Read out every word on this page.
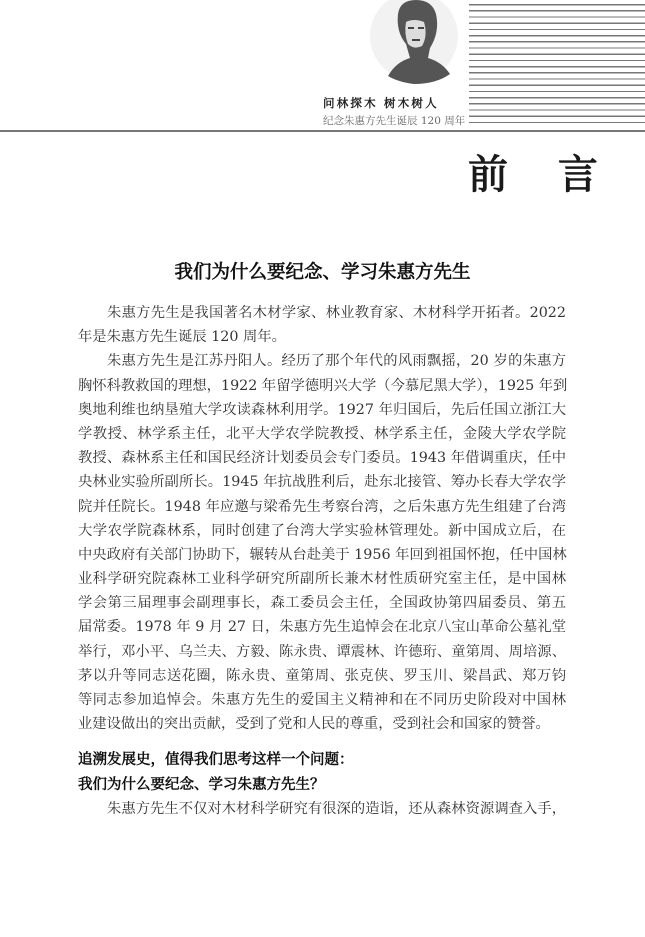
问林探木 树木树人
纪念朱惠方先生诞辰 120 周年
前 言
我们为什么要纪念、学习朱惠方先生
朱惠方先生是我国著名木材学家、林业教育家、木材科学开拓者。2022
年是朱惠方先生诞辰 120 周年。
朱惠方先生是江苏丹阳人。经历了那个年代的风雨飘摇，20 岁的朱惠方
胸怀科教救国的理想，1922 年留学德明兴大学（今慕尼黑大学），1925 年到
奥地利维也纳垦殖大学攻读森林利用学。1927 年归国后，先后任国立浙江大
学教授、林学系主任，北平大学农学院教授、林学系主任，金陵大学农学院
教授、森林系主任和国民经济计划委员会专门委员。1943 年借调重庆，任中
央林业实验所副所长。1945 年抗战胜利后，赴东北接管、筹办长春大学农学
院并任院长。1948 年应邀与梁希先生考察台湾，之后朱惠方先生组建了台湾
大学农学院森林系，同时创建了台湾大学实验林管理处。新中国成立后，在
中央政府有关部门协助下，辗转从台赴美于 1956 年回到祖国怀抱，任中国林
业科学研究院森林工业科学研究所副所长兼木材性质研究室主任，是中国林
学会第三届理事会副理事长，森工委员会主任，全国政协第四届委员、第五
届常委。1978 年 9 月 27 日，朱惠方先生追悼会在北京八宝山革命公墓礼堂
举行，邓小平、乌兰夫、方毅、陈永贵、谭震林、许德珩、童第周、周培源、
茅以升等同志送花圈，陈永贵、童第周、张克侠、罗玉川、梁昌武、郑万钧
等同志参加追悼会。朱惠方先生的爱国主义精神和在不同历史阶段对中国林
业建设做出的突出贡献，受到了党和人民的尊重，受到社会和国家的赞誉。
追溯发展史，值得我们思考这样一个问题：
我们为什么要纪念、学习朱惠方先生？
朱惠方先生不仅对木材科学研究有很深的造诣，还从森林资源调查入手，
